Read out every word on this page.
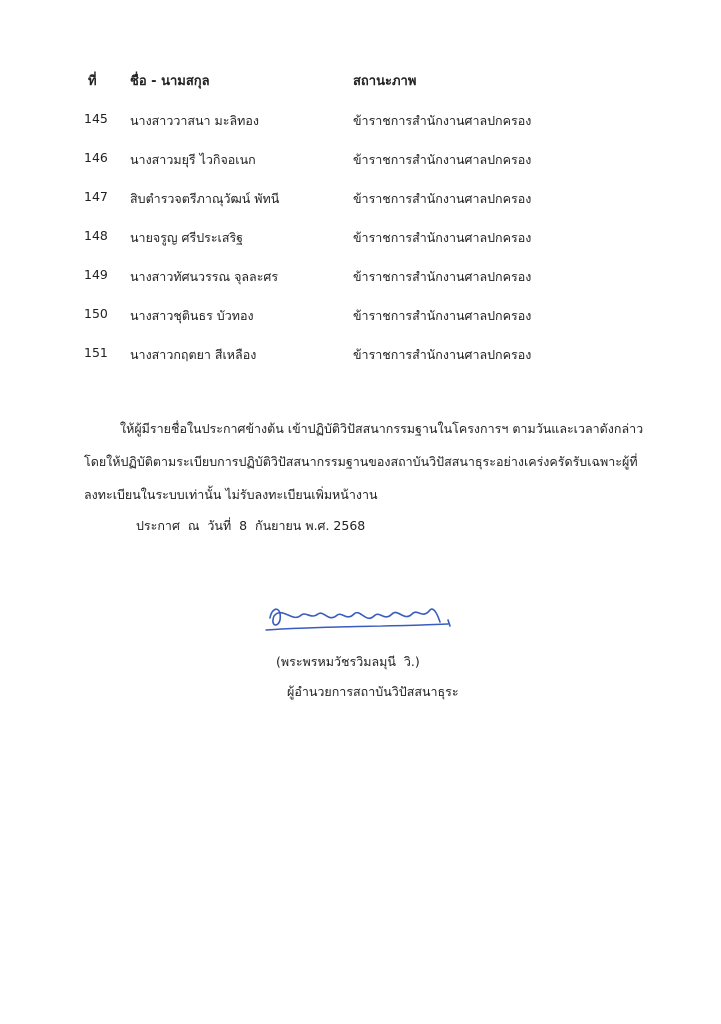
ที่	ชื่อ - นามสกุล	สถานะภาพ
145 นางสาววาสนา มะลิทอง	ข้าราชการสำนักงานศาลปกครอง
146 นางสาวมยุรี ไวกิจอเนก	ข้าราชการสำนักงานศาลปกครอง
147 สิบตำรวจตรีภาณุวัฒน์ พัทนี	ข้าราชการสำนักงานศาลปกครอง
148 นายจรูญ ศรีประเสริฐ	ข้าราชการสำนักงานศาลปกครอง
149 นางสาวทัศนวรรณ จุลละศร	ข้าราชการสำนักงานศาลปกครอง
150 นางสาวชุตินธร บัวทอง	ข้าราชการสำนักงานศาลปกครอง
151 นางสาวกฤตยา สีเหลือง	ข้าราชการสำนักงานศาลปกครอง
ให้ผู้มีรายชื่อในประกาศข้างต้น เข้าปฏิบัติวิปัสสนากรรมฐานในโครงการฯ ตามวันและเวลาดังกล่าว
โดยให้ปฏิบัติตามระเบียบการปฏิบัติวิปัสสนากรรมฐานของสถาบันวิปัสสนาธุระอย่างเคร่งครัดรับเฉพาะผู้ที่
ลงทะเบียนในระบบเท่านั้น ไม่รับลงทะเบียนเพิ่มหน้างาน
ประกาศ  ณ  วันที่  8  กันยายน พ.ศ. 2568
(พระพรหมวัชรวิมลมุนี  วิ.)
ผู้อำนวยการสถาบันวิปัสสนาธุระ
